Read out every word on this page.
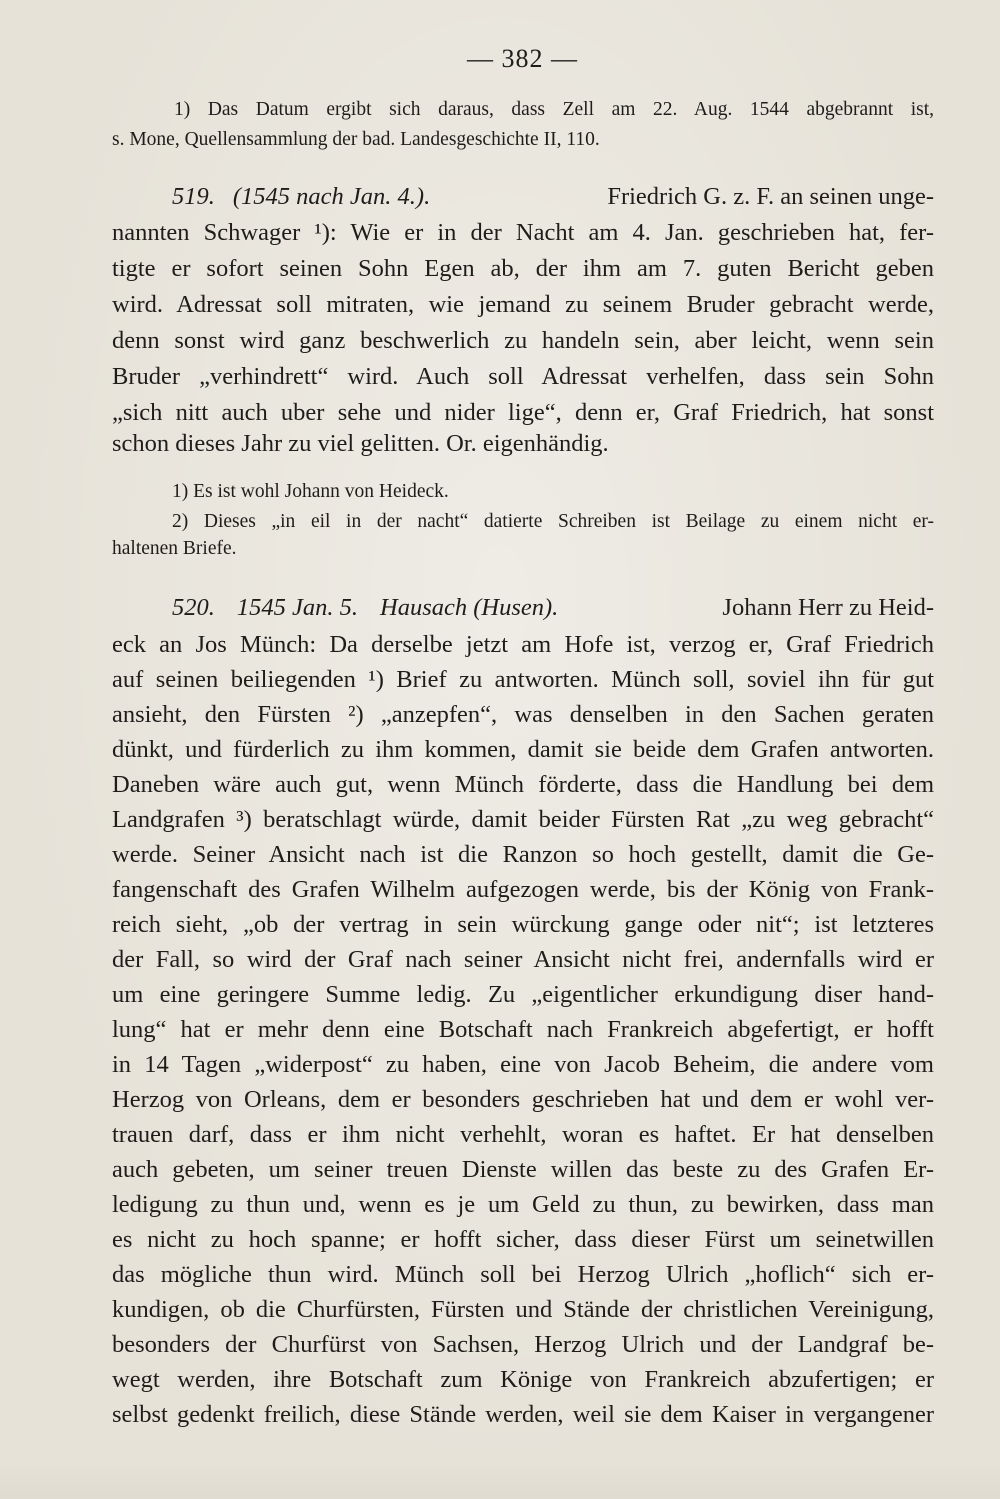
— 382 —
1) Das Datum ergibt sich daraus, dass Zell am 22. Aug. 1544 abgebrannt ist,
s. Mone, Quellensammlung der bad. Landesgeschichte II, 110.
519. (1545 nach Jan. 4.).	Friedrich G. z. F. an seinen unge-
nannten Schwager ¹): Wie er in der Nacht am 4. Jan. geschrieben hat, fer-
tigte er sofort seinen Sohn Egen ab, der ihm am 7. guten Bericht geben
wird. Adressat soll mitraten, wie jemand zu seinem Bruder gebracht werde,
denn sonst wird ganz beschwerlich zu handeln sein, aber leicht, wenn sein
Bruder „verhindrett“ wird. Auch soll Adressat verhelfen, dass sein Sohn
„sich nitt auch uber sehe und nider lige“, denn er, Graf Friedrich, hat sonst
schon dieses Jahr zu viel gelitten. Or. eigenhändig.
1) Es ist wohl Johann von Heideck.
2) Dieses „in eil in der nacht“ datierte Schreiben ist Beilage zu einem nicht er-
haltenen Briefe.
520. 1545 Jan. 5. Hausach (Husen).	Johann Herr zu Heid-
eck an Jos Münch: Da derselbe jetzt am Hofe ist, verzog er, Graf Friedrich
auf seinen beiliegenden ¹) Brief zu antworten. Münch soll, soviel ihn für gut
ansieht, den Fürsten ²) „anzepfen“, was denselben in den Sachen geraten
dünkt, und fürderlich zu ihm kommen, damit sie beide dem Grafen antworten.
Daneben wäre auch gut, wenn Münch förderte, dass die Handlung bei dem
Landgrafen ³) beratschlagt würde, damit beider Fürsten Rat „zu weg gebracht“
werde. Seiner Ansicht nach ist die Ranzon so hoch gestellt, damit die Ge-
fangenschaft des Grafen Wilhelm aufgezogen werde, bis der König von Frank-
reich sieht, „ob der vertrag in sein würckung gange oder nit“; ist letzteres
der Fall, so wird der Graf nach seiner Ansicht nicht frei, andernfalls wird er
um eine geringere Summe ledig. Zu „eigentlicher erkundigung diser hand-
lung“ hat er mehr denn eine Botschaft nach Frankreich abgefertigt, er hofft
in 14 Tagen „widerpost“ zu haben, eine von Jacob Beheim, die andere vom
Herzog von Orleans, dem er besonders geschrieben hat und dem er wohl ver-
trauen darf, dass er ihm nicht verhehlt, woran es haftet. Er hat denselben
auch gebeten, um seiner treuen Dienste willen das beste zu des Grafen Er-
ledigung zu thun und, wenn es je um Geld zu thun, zu bewirken, dass man
es nicht zu hoch spanne; er hofft sicher, dass dieser Fürst um seinetwillen
das mögliche thun wird. Münch soll bei Herzog Ulrich „hoflich“ sich er-
kundigen, ob die Churfürsten, Fürsten und Stände der christlichen Vereinigung,
besonders der Churfürst von Sachsen, Herzog Ulrich und der Landgraf be-
wegt werden, ihre Botschaft zum Könige von Frankreich abzufertigen; er
selbst gedenkt freilich, diese Stände werden, weil sie dem Kaiser in vergangener
